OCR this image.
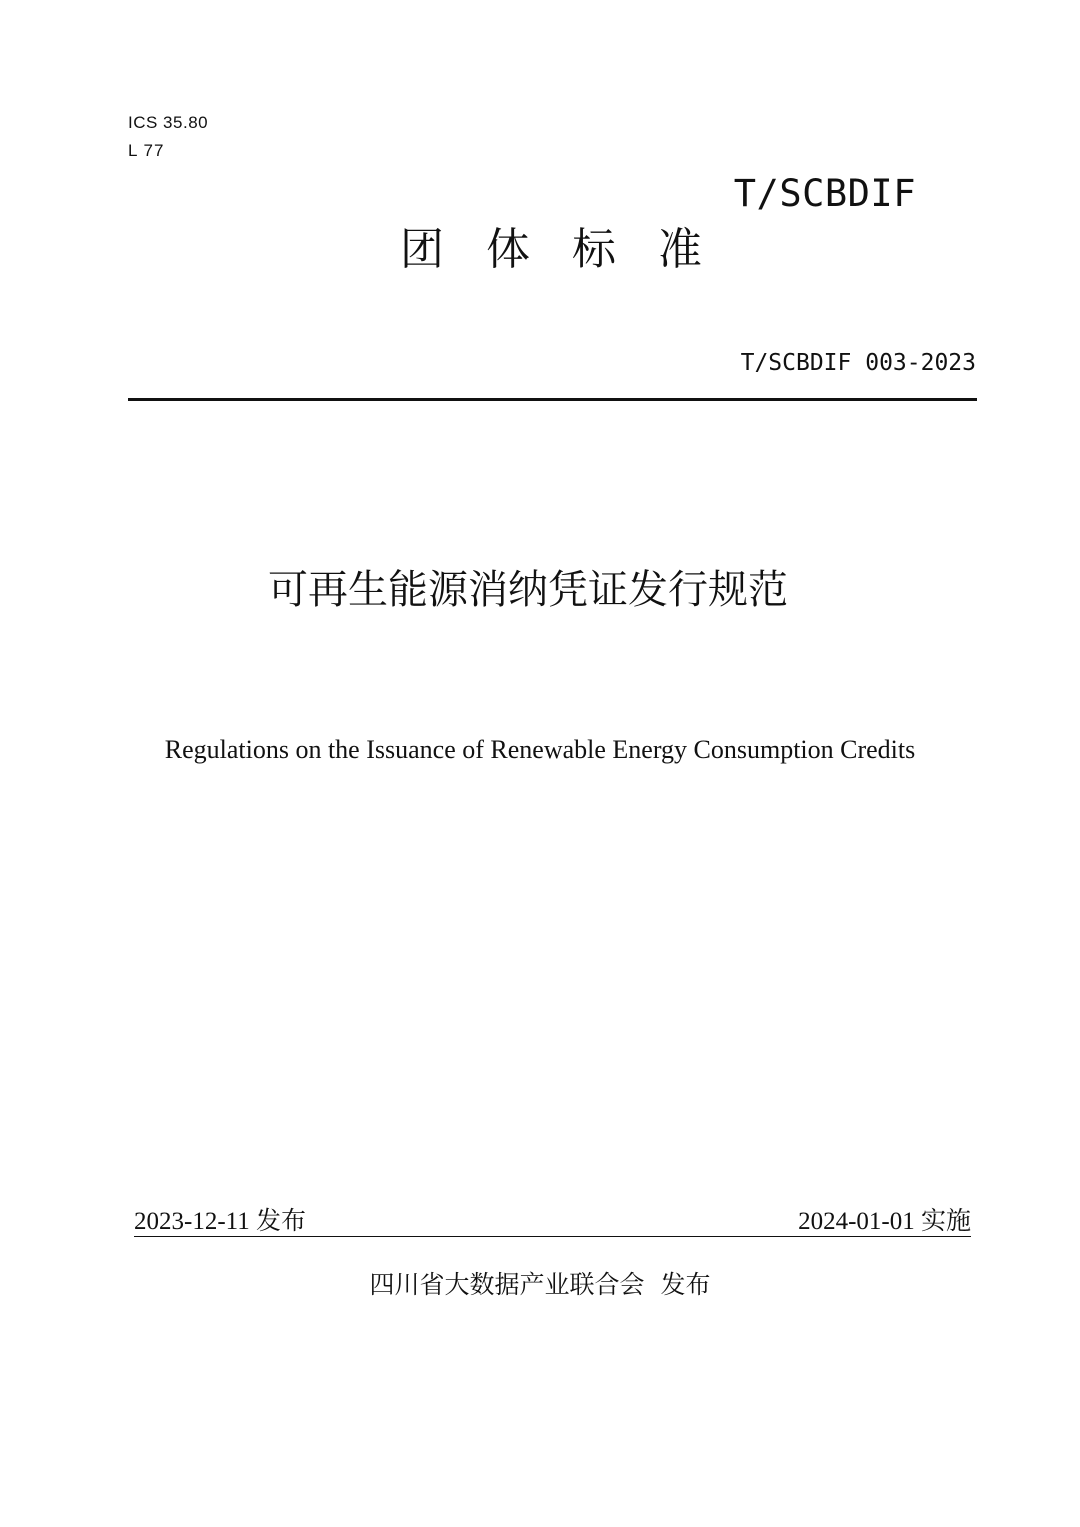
ICS 35.80
L 77
T/SCBDIF
团体标准
T/SCBDIF 003-2023
可再生能源消纳凭证发行规范
Regulations on the Issuance of Renewable Energy Consumption Credits
2023-12-11 发布	2024-01-01 实施
四川省大数据产业联合会 发布
